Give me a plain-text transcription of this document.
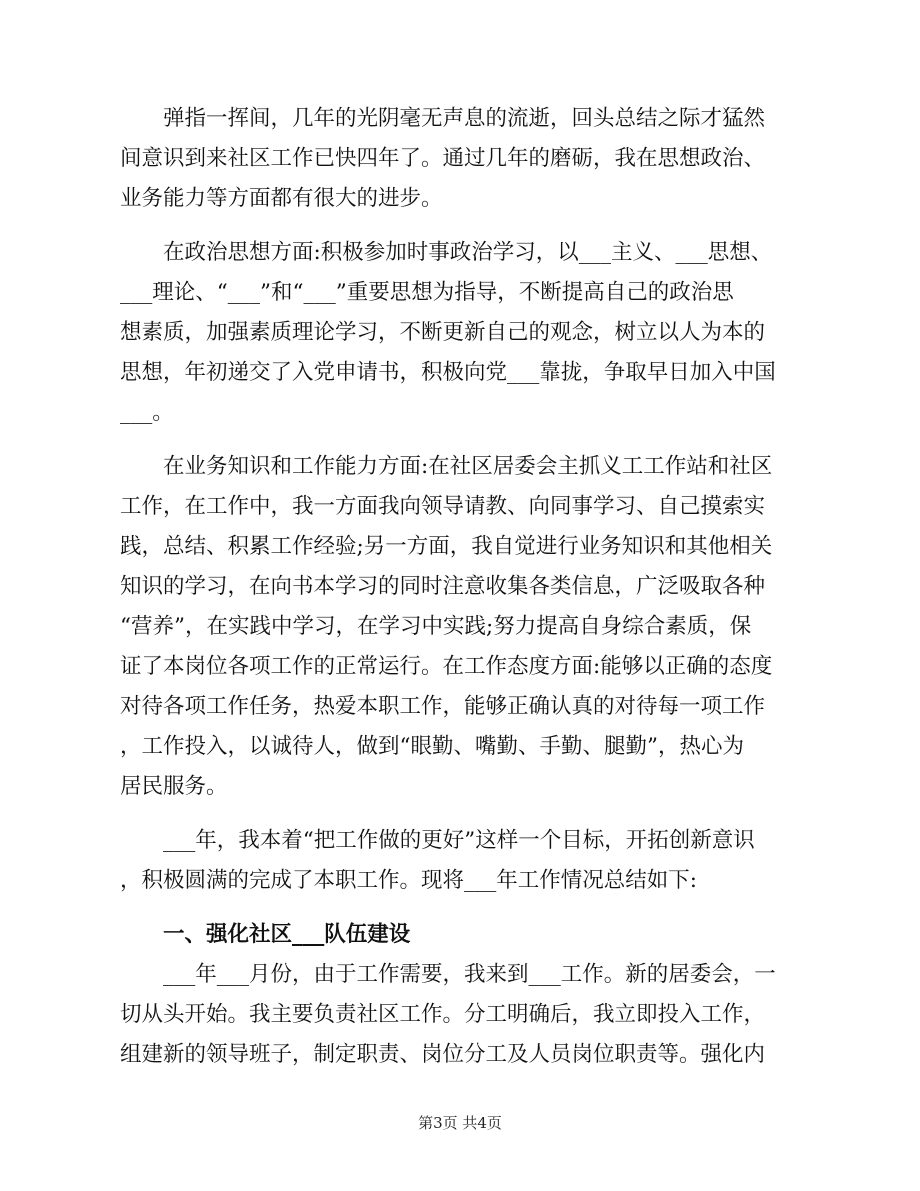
弹指一挥间，几年的光阴毫无声息的流逝，回头总结之际才猛然
间意识到来社区工作已快四年了。通过几年的磨砺，我在思想政治、
业务能力等方面都有很大的进步。
在政治思想方面:积极参加时事政治学习，以___主义、___思想、
___理论、“___”和“___”重要思想为指导，不断提高自己的政治思
想素质，加强素质理论学习，不断更新自己的观念，树立以人为本的
思想，年初递交了入党申请书，积极向党___靠拢，争取早日加入中国
___。
在业务知识和工作能力方面:在社区居委会主抓义工工作站和社区
工作，在工作中，我一方面我向领导请教、向同事学习、自己摸索实
践，总结、积累工作经验;另一方面，我自觉进行业务知识和其他相关
知识的学习，在向书本学习的同时注意收集各类信息，广泛吸取各种
“营养”，在实践中学习，在学习中实践;努力提高自身综合素质，保
证了本岗位各项工作的正常运行。在工作态度方面:能够以正确的态度
对待各项工作任务，热爱本职工作，能够正确认真的对待每一项工作
，工作投入，以诚待人，做到“眼勤、嘴勤、手勤、腿勤”，热心为
居民服务。
___年，我本着“把工作做的更好”这样一个目标，开拓创新意识
，积极圆满的完成了本职工作。现将___年工作情况总结如下:
一、强化社区___队伍建设
___年___月份，由于工作需要，我来到___工作。新的居委会，一
切从头开始。我主要负责社区工作。分工明确后，我立即投入工作，
组建新的领导班子，制定职责、岗位分工及人员岗位职责等。强化内
第3页 共4页
